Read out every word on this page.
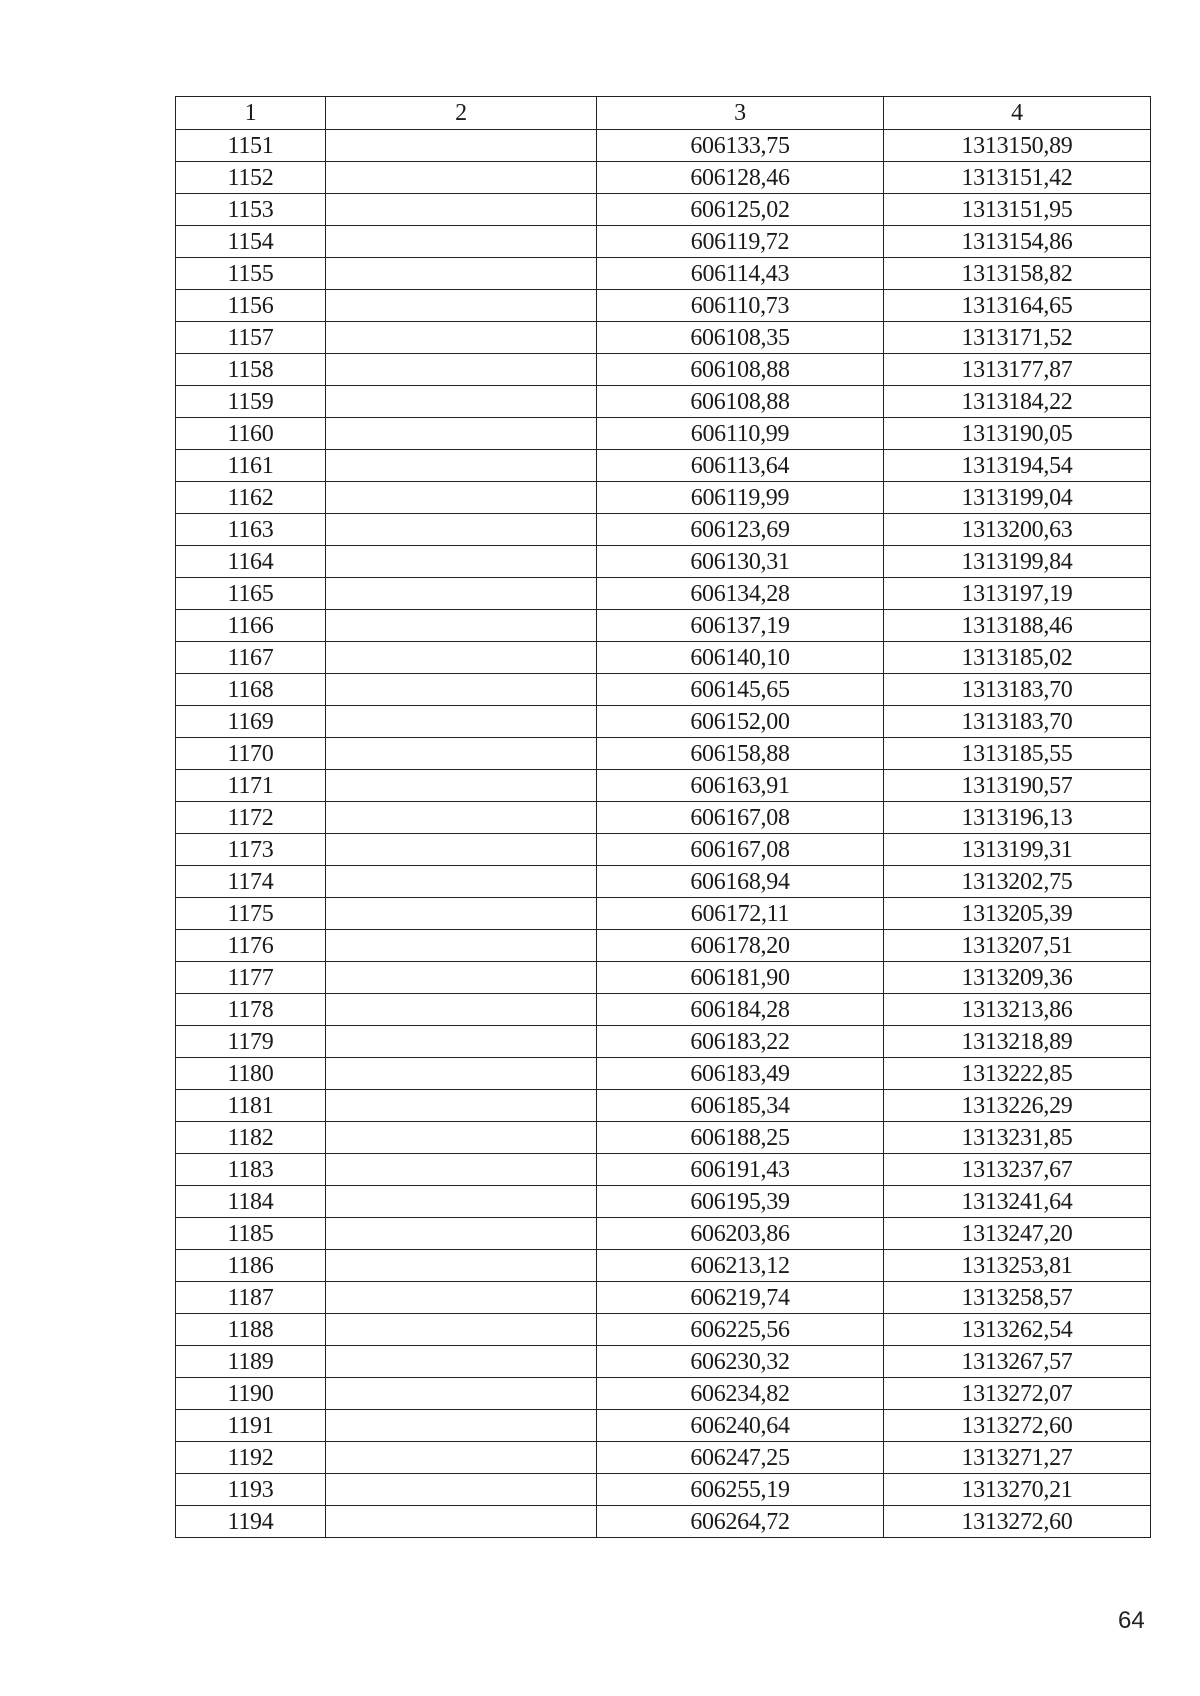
1	2	3	4
1151		606133,75	1313150,89
1152		606128,46	1313151,42
1153		606125,02	1313151,95
1154		606119,72	1313154,86
1155		606114,43	1313158,82
1156		606110,73	1313164,65
1157		606108,35	1313171,52
1158		606108,88	1313177,87
1159		606108,88	1313184,22
1160		606110,99	1313190,05
1161		606113,64	1313194,54
1162		606119,99	1313199,04
1163		606123,69	1313200,63
1164		606130,31	1313199,84
1165		606134,28	1313197,19
1166		606137,19	1313188,46
1167		606140,10	1313185,02
1168		606145,65	1313183,70
1169		606152,00	1313183,70
1170		606158,88	1313185,55
1171		606163,91	1313190,57
1172		606167,08	1313196,13
1173		606167,08	1313199,31
1174		606168,94	1313202,75
1175		606172,11	1313205,39
1176		606178,20	1313207,51
1177		606181,90	1313209,36
1178		606184,28	1313213,86
1179		606183,22	1313218,89
1180		606183,49	1313222,85
1181		606185,34	1313226,29
1182		606188,25	1313231,85
1183		606191,43	1313237,67
1184		606195,39	1313241,64
1185		606203,86	1313247,20
1186		606213,12	1313253,81
1187		606219,74	1313258,57
1188		606225,56	1313262,54
1189		606230,32	1313267,57
1190		606234,82	1313272,07
1191		606240,64	1313272,60
1192		606247,25	1313271,27
1193		606255,19	1313270,21
1194		606264,72	1313272,60
64
